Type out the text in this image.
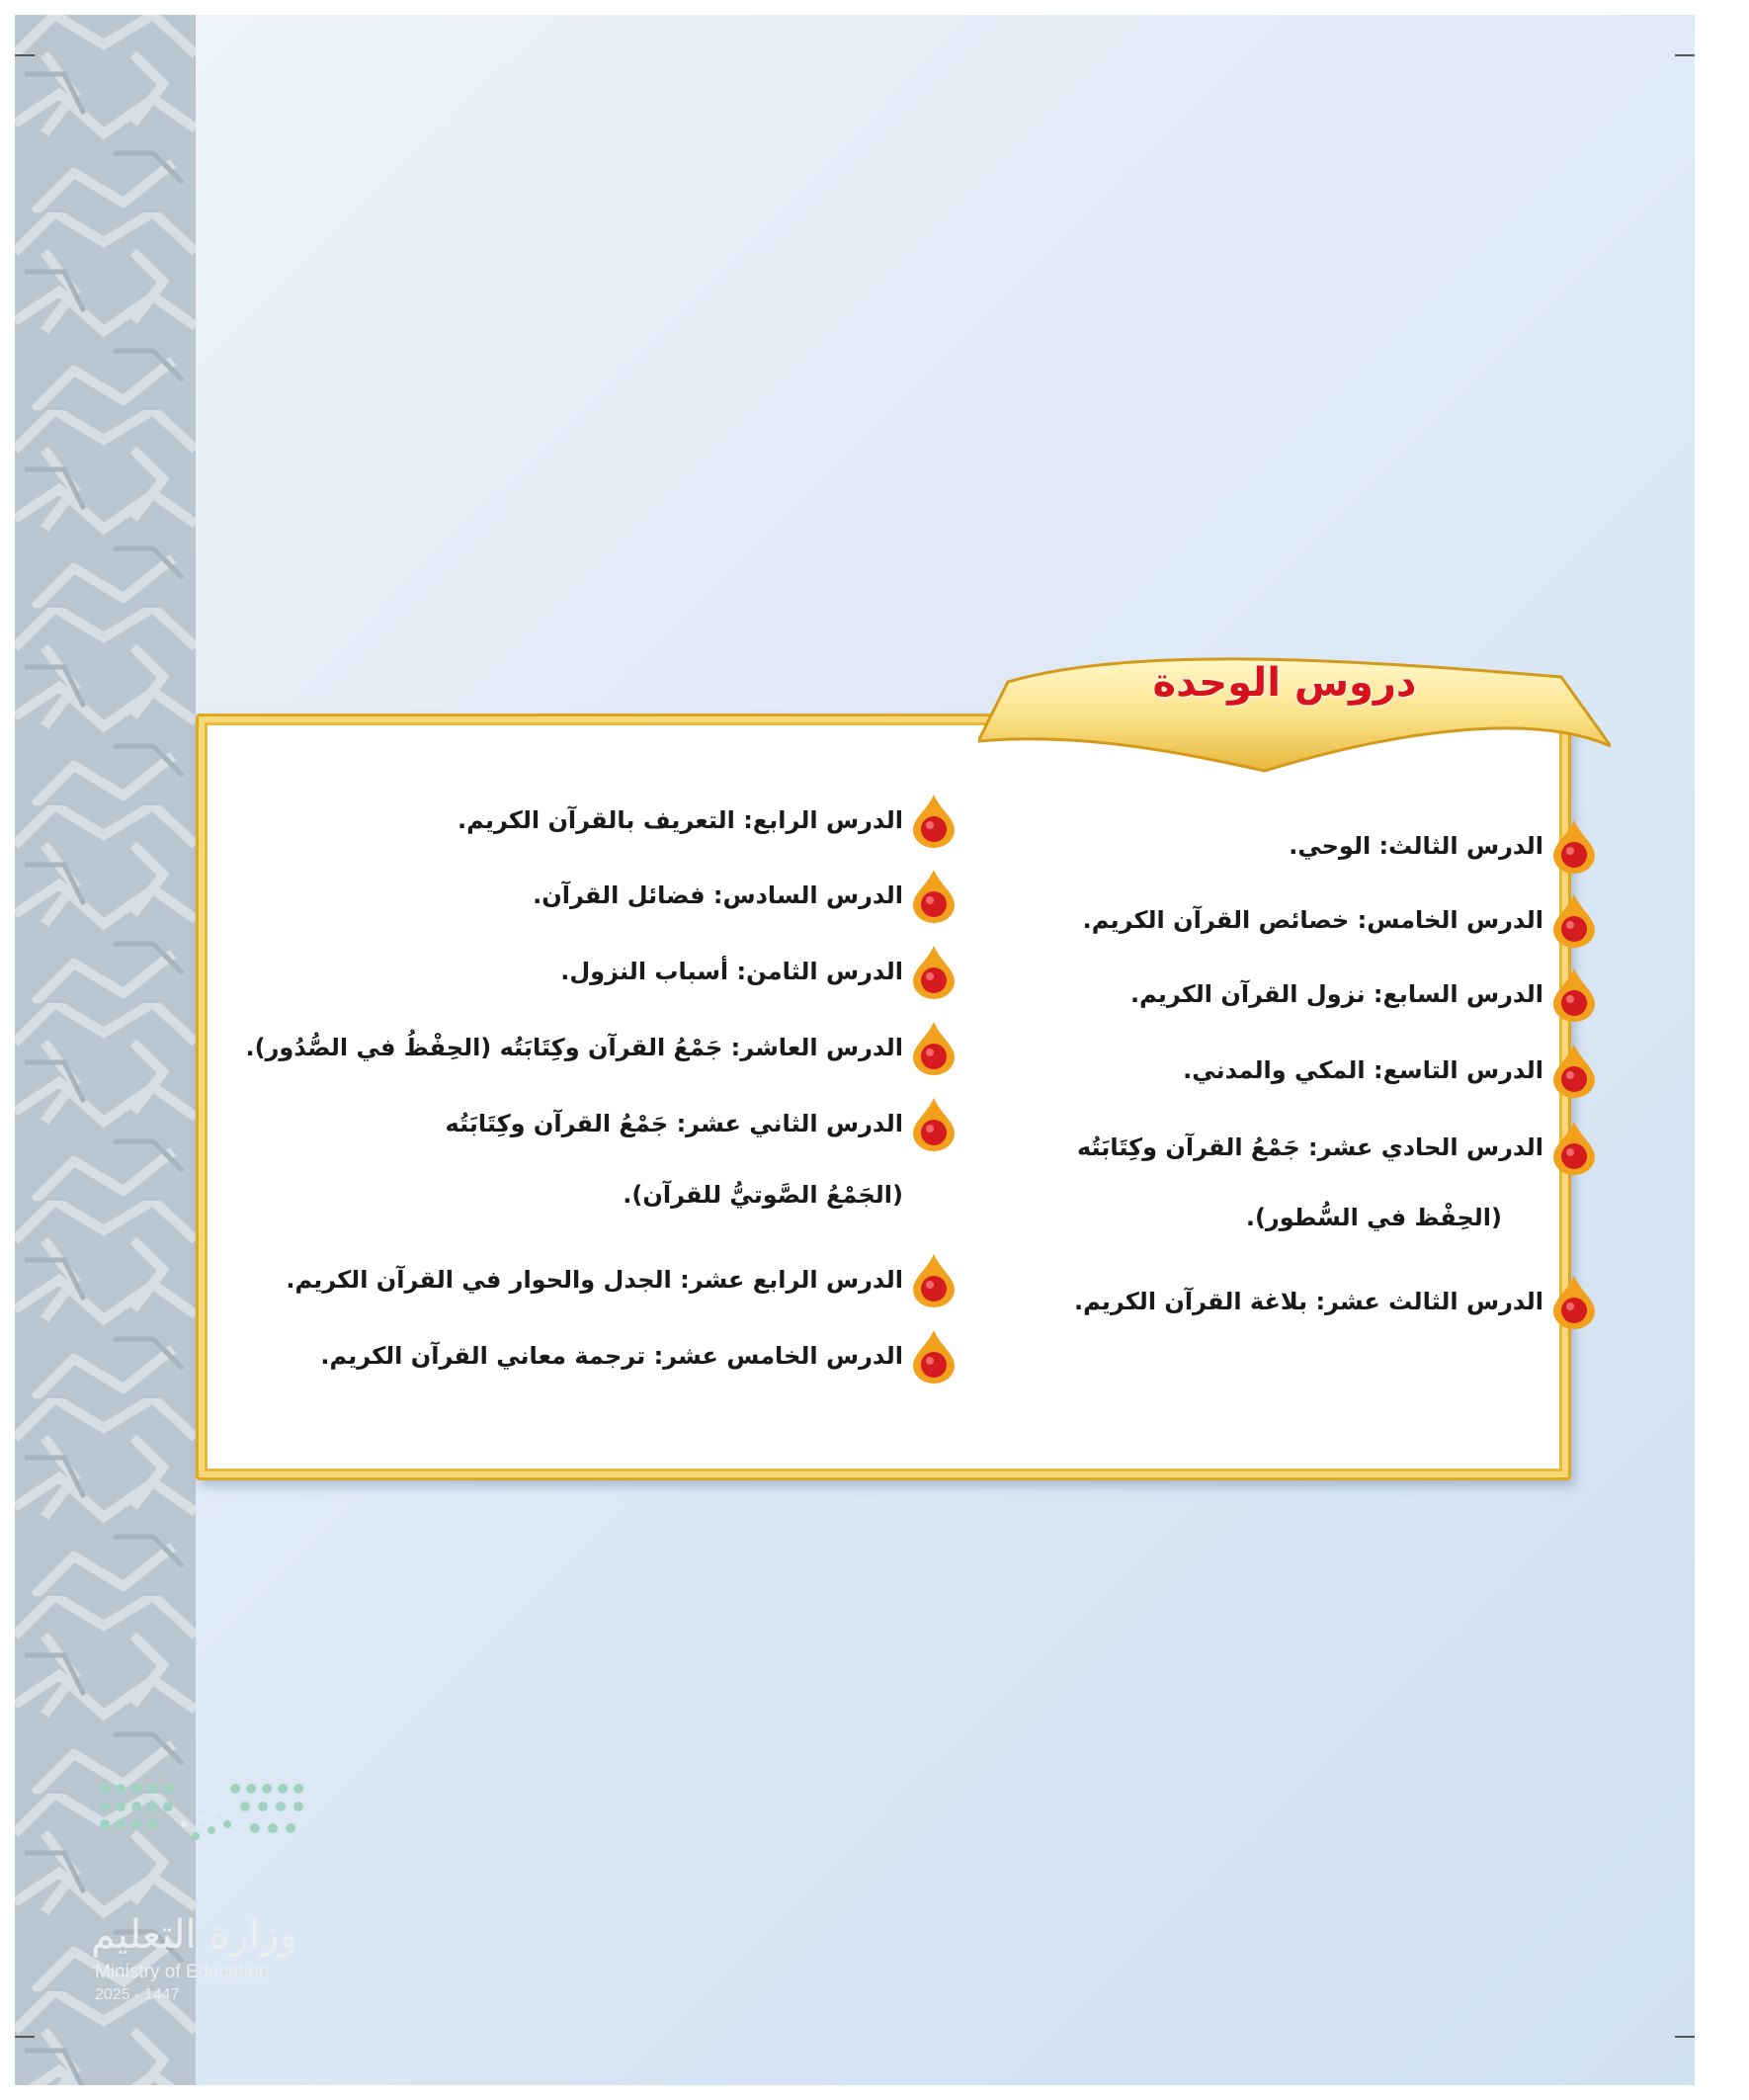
وزارة التعليم
Ministry of Education
2025 - 1447
دروس الوحدة
الدرس الثالث: الوحي.
الدرس الخامس: خصائص القرآن الكريم.
الدرس السابع: نزول القرآن الكريم.
الدرس التاسع: المكي والمدني.
الدرس الحادي عشر: جَمْعُ القرآن وكِتَابَتُه
(الحِفْظ في السُّطور).
الدرس الثالث عشر: بلاغة القرآن الكريم.
الدرس الرابع: التعريف بالقرآن الكريم.
الدرس السادس: فضائل القرآن.
الدرس الثامن: أسباب النزول.
الدرس العاشر: جَمْعُ القرآن وكِتَابَتُه (الحِفْظُ في الصُّدُور).
الدرس الثاني عشر: جَمْعُ القرآن وكِتَابَتُه
(الجَمْعُ الصَّوتيُّ للقرآن).
الدرس الرابع عشر: الجدل والحوار في القرآن الكريم.
الدرس الخامس عشر: ترجمة معاني القرآن الكريم.
